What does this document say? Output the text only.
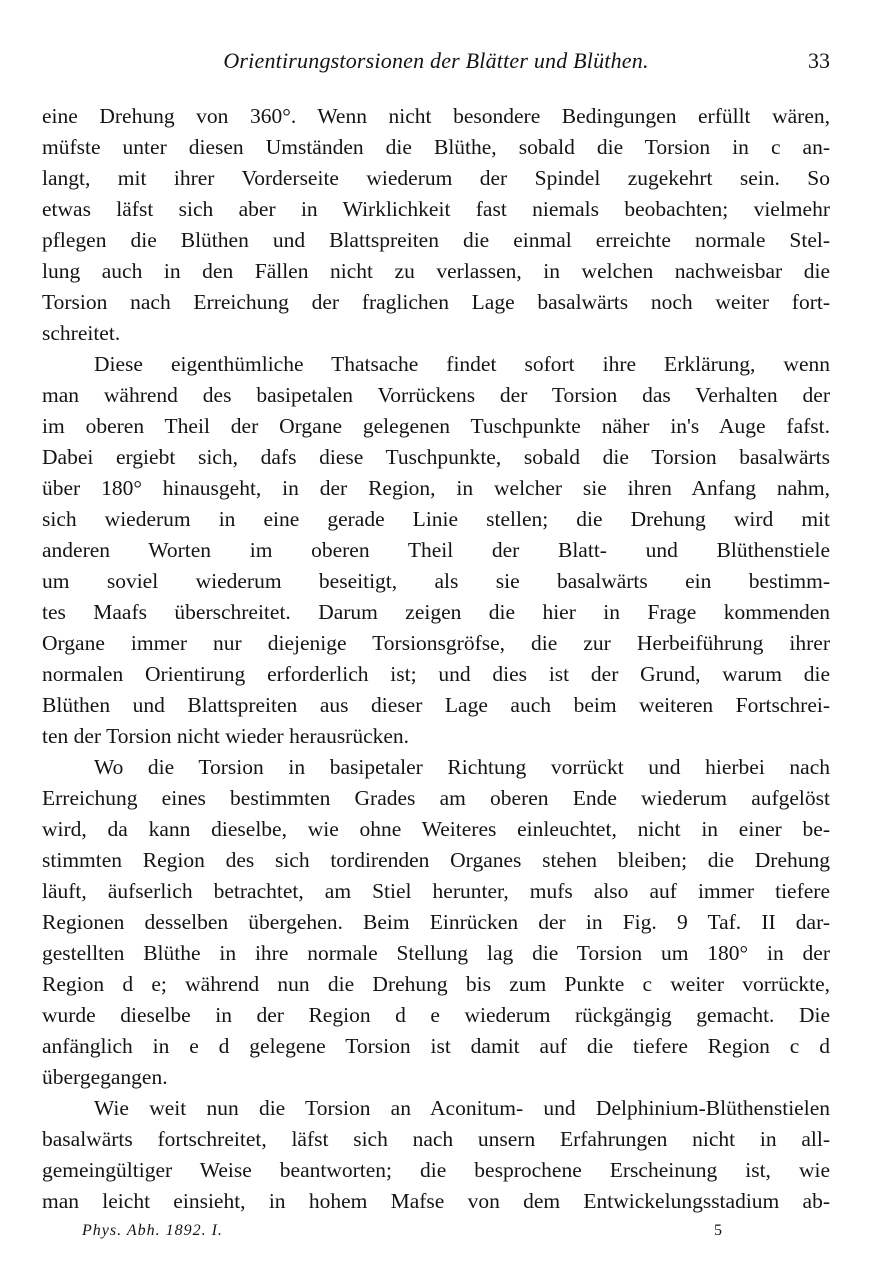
Orientirungstorsionen der Blätter und Blüthen.	33
eine Drehung von 360°. Wenn nicht besondere Bedingungen erfüllt wären,
müfste unter diesen Umständen die Blüthe, sobald die Torsion in c an-
langt, mit ihrer Vorderseite wiederum der Spindel zugekehrt sein. So
etwas läfst sich aber in Wirklichkeit fast niemals beobachten; vielmehr
pflegen die Blüthen und Blattspreiten die einmal erreichte normale Stel-
lung auch in den Fällen nicht zu verlassen, in welchen nachweisbar die
Torsion nach Erreichung der fraglichen Lage basalwärts noch weiter fort-
schreitet.
Diese eigenthümliche Thatsache findet sofort ihre Erklärung, wenn
man während des basipetalen Vorrückens der Torsion das Verhalten der
im oberen Theil der Organe gelegenen Tuschpunkte näher in's Auge fafst.
Dabei ergiebt sich, dafs diese Tuschpunkte, sobald die Torsion basalwärts
über 180° hinausgeht, in der Region, in welcher sie ihren Anfang nahm,
sich wiederum in eine gerade Linie stellen; die Drehung wird mit
anderen Worten im oberen Theil der Blatt- und Blüthenstiele
um soviel wiederum beseitigt, als sie basalwärts ein bestimm-
tes Maafs überschreitet. Darum zeigen die hier in Frage kommenden
Organe immer nur diejenige Torsionsgröfse, die zur Herbeiführung ihrer
normalen Orientirung erforderlich ist; und dies ist der Grund, warum die
Blüthen und Blattspreiten aus dieser Lage auch beim weiteren Fortschrei-
ten der Torsion nicht wieder herausrücken.
Wo die Torsion in basipetaler Richtung vorrückt und hierbei nach
Erreichung eines bestimmten Grades am oberen Ende wiederum aufgelöst
wird, da kann dieselbe, wie ohne Weiteres einleuchtet, nicht in einer be-
stimmten Region des sich tordirenden Organes stehen bleiben; die Drehung
läuft, äufserlich betrachtet, am Stiel herunter, mufs also auf immer tiefere
Regionen desselben übergehen. Beim Einrücken der in Fig. 9 Taf. II dar-
gestellten Blüthe in ihre normale Stellung lag die Torsion um 180° in der
Region d e; während nun die Drehung bis zum Punkte c weiter vorrückte,
wurde dieselbe in der Region d e wiederum rückgängig gemacht. Die
anfänglich in e d gelegene Torsion ist damit auf die tiefere Region c d
übergegangen.
Wie weit nun die Torsion an Aconitum- und Delphinium-Blüthenstielen
basalwärts fortschreitet, läfst sich nach unsern Erfahrungen nicht in all-
gemeingültiger Weise beantworten; die besprochene Erscheinung ist, wie
man leicht einsieht, in hohem Mafse von dem Entwickelungsstadium ab-
Phys. Abh. 1892. I.	5
